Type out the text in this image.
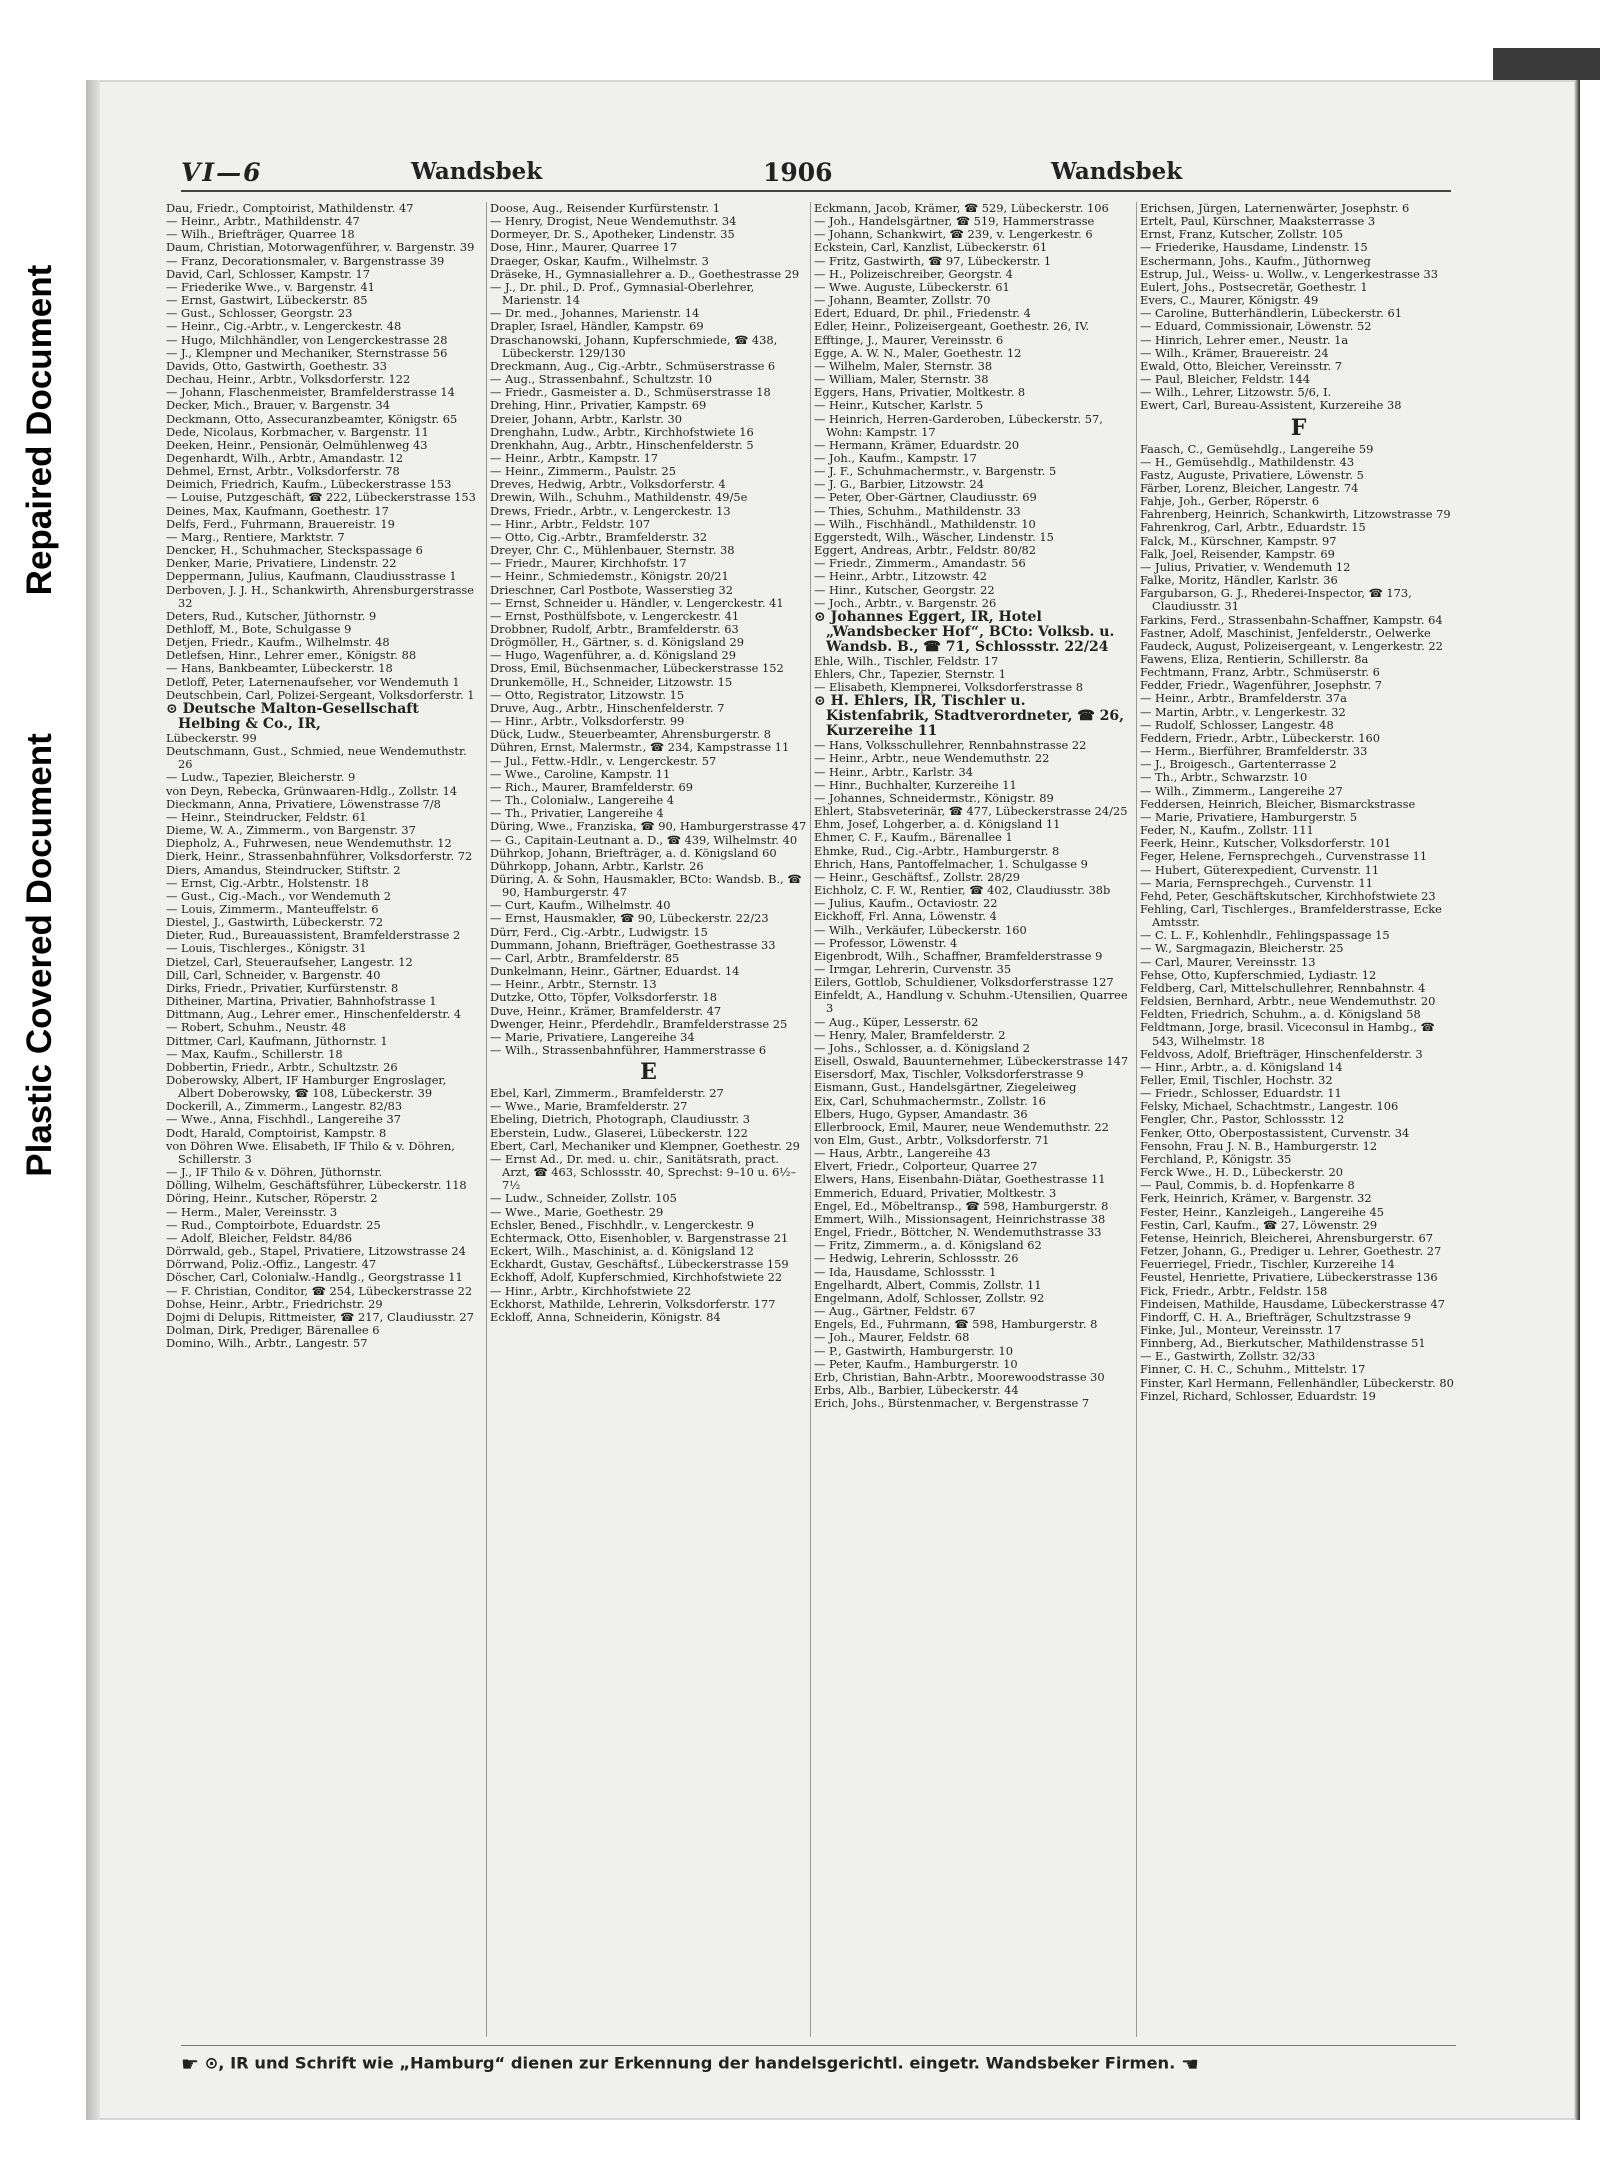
Repaired Document
Plastic Covered Document
VI—6	Wandsbek	1906	Wandsbek
Dau, Friedr., Comptoirist, Mathildenstr. 47
— Heinr., Arbtr., Mathildenstr. 47
— Wilh., Briefträger, Quarree 18
Daum, Christian, Motorwagenführer, v. Bargenstr. 39
— Franz, Decorationsmaler, v. Bargenstrasse 39
David, Carl, Schlosser, Kampstr. 17
— Friederike Wwe., v. Bargenstr. 41
— Ernst, Gastwirt, Lübeckerstr. 85
— Gust., Schlosser, Georgstr. 23
— Heinr., Cig.-Arbtr., v. Lengerckestr. 48
— Hugo, Milchhändler, von Lengerckestrasse 28
— J., Klempner und Mechaniker, Sternstrasse 56
Davids, Otto, Gastwirth, Goethestr. 33
Dechau, Heinr., Arbtr., Volksdorferstr. 122
— Johann, Flaschenmeister, Bramfelderstrasse 14
Decker, Mich., Brauer, v. Bargenstr. 34
Deckmann, Otto, Assecuranzbeamter, Königstr. 65
Dede, Nicolaus, Korbmacher, v. Bargenstr. 11
Deeken, Heinr., Pensionär, Oelmühlenweg 43
Degenhardt, Wilh., Arbtr., Amandastr. 12
Dehmel, Ernst, Arbtr., Volksdorferstr. 78
Deimich, Friedrich, Kaufm., Lübeckerstrasse 153
— Louise, Putzgeschäft, ☎ 222, Lübeckerstrasse 153
Deines, Max, Kaufmann, Goethestr. 17
Delfs, Ferd., Fuhrmann, Brauereistr. 19
— Marg., Rentiere, Marktstr. 7
Dencker, H., Schuhmacher, Steckspassage 6
Denker, Marie, Privatiere, Lindenstr. 22
Deppermann, Julius, Kaufmann, Claudiusstrasse 1
Derboven, J. J. H., Schankwirth, Ahrensburgerstrasse 32
Deters, Rud., Kutscher, Jüthornstr. 9
Dethloff, M., Bote, Schulgasse 9
Detjen, Friedr., Kaufm., Wilhelmstr. 48
Detlefsen, Hinr., Lehrer emer., Königstr. 88
— Hans, Bankbeamter, Lübeckerstr. 18
Detloff, Peter, Laternenaufseher, vor Wendemuth 1
Deutschbein, Carl, Polizei-Sergeant, Volksdorferstr. 1
⊙ Deutsche Malton-Gesellschaft Helbing & Co., IR,
Lübeckerstr. 99
Deutschmann, Gust., Schmied, neue Wendemuthstr. 26
— Ludw., Tapezier, Bleicherstr. 9
von Deyn, Rebecka, Grünwaaren-Hdlg., Zollstr. 14
Dieckmann, Anna, Privatiere, Löwenstrasse 7/8
— Heinr., Steindrucker, Feldstr. 61
Dieme, W. A., Zimmerm., von Bargenstr. 37
Diepholz, A., Fuhrwesen, neue Wendemuthstr. 12
Dierk, Heinr., Strassenbahnführer, Volksdorferstr. 72
Diers, Amandus, Steindrucker, Stiftstr. 2
— Ernst, Cig.-Arbtr., Holstenstr. 18
— Gust., Cig.-Mach., vor Wendemuth 2
— Louis, Zimmerm., Manteuffelstr. 6
Diestel, J., Gastwirth, Lübeckerstr. 72
Dieter, Rud., Bureauassistent, Bramfelderstrasse 2
— Louis, Tischlerges., Königstr. 31
Dietzel, Carl, Steueraufseher, Langestr. 12
Dill, Carl, Schneider, v. Bargenstr. 40
Dirks, Friedr., Privatier, Kurfürstenstr. 8
Ditheiner, Martina, Privatier, Bahnhofstrasse 1
Dittmann, Aug., Lehrer emer., Hinschenfelderstr. 4
— Robert, Schuhm., Neustr. 48
Dittmer, Carl, Kaufmann, Jüthornstr. 1
— Max, Kaufm., Schillerstr. 18
Dobbertin, Friedr., Arbtr., Schultzstr. 26
Doberowsky, Albert, IF Hamburger Engroslager, Albert Doberowsky, ☎ 108, Lübeckerstr. 39
Dockerill, A., Zimmerm., Langestr. 82/83
— Wwe., Anna, Fischhdl., Langereihe 37
Dodt, Harald, Comptoirist, Kampstr. 8
von Döhren Wwe. Elisabeth, IF Thilo & v. Döhren, Schillerstr. 3
— J., IF Thilo & v. Döhren, Jüthornstr.
Dölling, Wilhelm, Geschäftsführer, Lübeckerstr. 118
Döring, Heinr., Kutscher, Röperstr. 2
— Herm., Maler, Vereinsstr. 3
— Rud., Comptoirbote, Eduardstr. 25
— Adolf, Bleicher, Feldstr. 84/86
Dörrwald, geb., Stapel, Privatiere, Litzowstrasse 24
Dörrwand, Poliz.-Offiz., Langestr. 47
Döscher, Carl, Colonialw.-Handlg., Georgstrasse 11
— F. Christian, Conditor, ☎ 254, Lübeckerstrasse 22
Dohse, Heinr., Arbtr., Friedrichstr. 29
Dojmi di Delupis, Rittmeister, ☎ 217, Claudiusstr. 27
Dolman, Dirk, Prediger, Bärenallee 6
Domino, Wilh., Arbtr., Langestr. 57
Doose, Aug., Reisender Kurfürstenstr. 1
— Henry, Drogist, Neue Wendemuthstr. 34
Dormeyer, Dr. S., Apotheker, Lindenstr. 35
Dose, Hinr., Maurer, Quarree 17
Draeger, Oskar, Kaufm., Wilhelmstr. 3
Dräseke, H., Gymnasiallehrer a. D., Goethestrasse 29
— J., Dr. phil., D. Prof., Gymnasial-Oberlehrer, Marienstr. 14
— Dr. med., Johannes, Marienstr. 14
Drapler, Israel, Händler, Kampstr. 69
Draschanowski, Johann, Kupferschmiede, ☎ 438, Lübeckerstr. 129/130
Dreckmann, Aug., Cig.-Arbtr., Schmüserstrasse 6
— Aug., Strassenbahnf., Schultzstr. 10
— Friedr., Gasmeister a. D., Schmüserstrasse 18
Drehing, Hinr., Privatier, Kampstr. 69
Dreier, Johann, Arbtr., Karlstr. 30
Drenghahn, Ludw., Arbtr., Kirchhofstwiete 16
Drenkhahn, Aug., Arbtr., Hinschenfelderstr. 5
— Heinr., Arbtr., Kampstr. 17
— Heinr., Zimmerm., Paulstr. 25
Dreves, Hedwig, Arbtr., Volksdorferstr. 4
Drewin, Wilh., Schuhm., Mathildenstr. 49/5e
Drews, Friedr., Arbtr., v. Lengerckestr. 13
— Hinr., Arbtr., Feldstr. 107
— Otto, Cig.-Arbtr., Bramfelderstr. 32
Dreyer, Chr. C., Mühlenbauer, Sternstr. 38
— Friedr., Maurer, Kirchhofstr. 17
— Heinr., Schmiedemstr., Königstr. 20/21
Drieschner, Carl Postbote, Wasserstieg 32
— Ernst, Schneider u. Händler, v. Lengerckestr. 41
— Ernst, Posthülfsbote, v. Lengerckestr. 41
Drobbner, Rudolf, Arbtr., Bramfelderstr. 63
Drögmöller, H., Gärtner, s. d. Königsland 29
— Hugo, Wagenführer, a. d. Königsland 29
Dross, Emil, Büchsenmacher, Lübeckerstrasse 152
Drunkemölle, H., Schneider, Litzowstr. 15
— Otto, Registrator, Litzowstr. 15
Druve, Aug., Arbtr., Hinschenfelderstr. 7
— Hinr., Arbtr., Volksdorferstr. 99
Dück, Ludw., Steuerbeamter, Ahrensburgerstr. 8
Dühren, Ernst, Malermstr., ☎ 234, Kampstrasse 11
— Jul., Fettw.-Hdlr., v. Lengerckestr. 57
— Wwe., Caroline, Kampstr. 11
— Rich., Maurer, Bramfelderstr. 69
— Th., Colonialw., Langereihe 4
— Th., Privatier, Langereihe 4
Düring, Wwe., Franziska, ☎ 90, Hamburgerstrasse 47
— G., Capitain-Leutnant a. D., ☎ 439, Wilhelmstr. 40
Dührkop, Johann, Briefträger, a. d. Königsland 60
Dührkopp, Johann, Arbtr., Karlstr. 26
Düring, A. & Sohn, Hausmakler, BCto: Wandsb. B., ☎ 90, Hamburgerstr. 47
— Curt, Kaufm., Wilhelmstr. 40
— Ernst, Hausmakler, ☎ 90, Lübeckerstr. 22/23
Dürr, Ferd., Cig.-Arbtr., Ludwigstr. 15
Dummann, Johann, Briefträger, Goethestrasse 33
— Carl, Arbtr., Bramfelderstr. 85
Dunkelmann, Heinr., Gärtner, Eduardst. 14
— Heinr., Arbtr., Sternstr. 13
Dutzke, Otto, Töpfer, Volksdorferstr. 18
Duve, Heinr., Krämer, Bramfelderstr. 47
Dwenger, Heinr., Pferdehdlr., Bramfelderstrasse 25
— Marie, Privatiere, Langereihe 34
— Wilh., Strassenbahnführer, Hammerstrasse 6
E
Ebel, Karl, Zimmerm., Bramfelderstr. 27
— Wwe., Marie, Bramfelderstr. 27
Ebeling, Dietrich, Photograph, Claudiusstr. 3
Eberstein, Ludw., Glaserei, Lübeckerstr. 122
Ebert, Carl, Mechaniker und Klempner, Goethestr. 29
— Ernst Ad., Dr. med. u. chir., Sanitätsrath, pract. Arzt, ☎ 463, Schlossstr. 40, Sprechst: 9–10 u. 6½–7½
— Ludw., Schneider, Zollstr. 105
— Wwe., Marie, Goethestr. 29
Echsler, Bened., Fischhdlr., v. Lengerckestr. 9
Echtermack, Otto, Eisenhobler, v. Bargenstrasse 21
Eckert, Wilh., Maschinist, a. d. Königsland 12
Eckhardt, Gustav, Geschäftsf., Lübeckerstrasse 159
Eckhoff, Adolf, Kupferschmied, Kirchhofstwiete 22
— Hinr., Arbtr., Kirchhofstwiete 22
Eckhorst, Mathilde, Lehrerin, Volksdorferstr. 177
Eckloff, Anna, Schneiderin, Königstr. 84
Eckmann, Jacob, Krämer, ☎ 529, Lübeckerstr. 106
— Joh., Handelsgärtner, ☎ 519, Hammerstrasse
— Johann, Schankwirt, ☎ 239, v. Lengerkestr. 6
Eckstein, Carl, Kanzlist, Lübeckerstr. 61
— Fritz, Gastwirth, ☎ 97, Lübeckerstr. 1
— H., Polizeischreiber, Georgstr. 4
— Wwe. Auguste, Lübeckerstr. 61
— Johann, Beamter, Zollstr. 70
Edert, Eduard, Dr. phil., Friedenstr. 4
Edler, Heinr., Polizeisergeant, Goethestr. 26, IV.
Efftinge, J., Maurer, Vereinsstr. 6
Egge, A. W. N., Maler, Goethestr. 12
— Wilhelm, Maler, Sternstr. 38
— William, Maler, Sternstr. 38
Eggers, Hans, Privatier, Moltkestr. 8
— Heinr., Kutscher, Karlstr. 5
— Heinrich, Herren-Garderoben, Lübeckerstr. 57, Wohn: Kampstr. 17
— Hermann, Krämer, Eduardstr. 20
— Joh., Kaufm., Kampstr. 17
— J. F., Schuhmachermstr., v. Bargenstr. 5
— J. G., Barbier, Litzowstr. 24
— Peter, Ober-Gärtner, Claudiusstr. 69
— Thies, Schuhm., Mathildenstr. 33
— Wilh., Fischhändl., Mathildenstr. 10
Eggerstedt, Wilh., Wäscher, Lindenstr. 15
Eggert, Andreas, Arbtr., Feldstr. 80/82
— Friedr., Zimmerm., Amandastr. 56
— Heinr., Arbtr., Litzowstr. 42
— Hinr., Kutscher, Georgstr. 22
— Joch., Arbtr., v. Bargenstr. 26
⊙ Johannes Eggert, IR, Hotel „Wandsbecker Hof“, BCto: Volksb. u. Wandsb. B., ☎ 71, Schlossstr. 22/24
Ehle, Wilh., Tischler, Feldstr. 17
Ehlers, Chr., Tapezier, Sternstr. 1
— Elisabeth, Klempnerei, Volksdorferstrasse 8
⊙ H. Ehlers, IR, Tischler u. Kistenfabrik, Stadtverordneter, ☎ 26, Kurzereihe 11
— Hans, Volksschullehrer, Rennbahnstrasse 22
— Heinr., Arbtr., neue Wendemuthstr. 22
— Heinr., Arbtr., Karlstr. 34
— Hinr., Buchhalter, Kurzereihe 11
— Johannes, Schneidermstr., Königstr. 89
Ehlert, Stabsveterinär, ☎ 477, Lübeckerstrasse 24/25
Ehm, Josef, Lohgerber, a. d. Königsland 11
Ehmer, C. F., Kaufm., Bärenallee 1
Ehmke, Rud., Cig.-Arbtr., Hamburgerstr. 8
Ehrich, Hans, Pantoffelmacher, 1. Schulgasse 9
— Heinr., Geschäftsf., Zollstr. 28/29
Eichholz, C. F. W., Rentier, ☎ 402, Claudiusstr. 38b
— Julius, Kaufm., Octaviostr. 22
Eickhoff, Frl. Anna, Löwenstr. 4
— Wilh., Verkäufer, Lübeckerstr. 160
— Professor, Löwenstr. 4
Eigenbrodt, Wilh., Schaffner, Bramfelderstrasse 9
— Irmgar, Lehrerin, Curvenstr. 35
Eilers, Gottlob, Schuldiener, Volksdorferstrasse 127
Einfeldt, A., Handlung v. Schuhm.-Utensilien, Quarree 3
— Aug., Küper, Lesserstr. 62
— Henry, Maler, Bramfelderstr. 2
— Johs., Schlosser, a. d. Königsland 2
Eisell, Oswald, Bauunternehmer, Lübeckerstrasse 147
Eisersdorf, Max, Tischler, Volksdorferstrasse 9
Eismann, Gust., Handelsgärtner, Ziegeleiweg
Eix, Carl, Schuhmachermstr., Zollstr. 16
Elbers, Hugo, Gypser, Amandastr. 36
Ellerbroock, Emil, Maurer, neue Wendemuthstr. 22
von Elm, Gust., Arbtr., Volksdorferstr. 71
— Haus, Arbtr., Langereihe 43
Elvert, Friedr., Colporteur, Quarree 27
Elwers, Hans, Eisenbahn-Diätar, Goethestrasse 11
Emmerich, Eduard, Privatier, Moltkestr. 3
Engel, Ed., Möbeltransp., ☎ 598, Hamburgerstr. 8
Emmert, Wilh., Missionsagent, Heinrichstrasse 38
Engel, Friedr., Böttcher, N. Wendemuthstrasse 33
— Fritz, Zimmerm., a. d. Königsland 62
— Hedwig, Lehrerin, Schlossstr. 26
— Ida, Hausdame, Schlossstr. 1
Engelhardt, Albert, Commis, Zollstr. 11
Engelmann, Adolf, Schlosser, Zollstr. 92
— Aug., Gärtner, Feldstr. 67
Engels, Ed., Fuhrmann, ☎ 598, Hamburgerstr. 8
— Joh., Maurer, Feldstr. 68
— P., Gastwirth, Hamburgerstr. 10
— Peter, Kaufm., Hamburgerstr. 10
Erb, Christian, Bahn-Arbtr., Moorewoodstrasse 30
Erbs, Alb., Barbier, Lübeckerstr. 44
Erich, Johs., Bürstenmacher, v. Bergenstrasse 7
Erichsen, Jürgen, Laternenwärter, Josephstr. 6
Ertelt, Paul, Kürschner, Maaksterrasse 3
Ernst, Franz, Kutscher, Zollstr. 105
— Friederike, Hausdame, Lindenstr. 15
Eschermann, Johs., Kaufm., Jüthornweg
Estrup, Jul., Weiss- u. Wollw., v. Lengerkestrasse 33
Eulert, Johs., Postsecretär, Goethestr. 1
Evers, C., Maurer, Königstr. 49
— Caroline, Butterhändlerin, Lübeckerstr. 61
— Eduard, Commissionair, Löwenstr. 52
— Hinrich, Lehrer emer., Neustr. 1a
— Wilh., Krämer, Brauereistr. 24
Ewald, Otto, Bleicher, Vereinsstr. 7
— Paul, Bleicher, Feldstr. 144
— Wilh., Lehrer, Litzowstr. 5/6, I.
Ewert, Carl, Bureau-Assistent, Kurzereihe 38
F
Faasch, C., Gemüsehdlg., Langereihe 59
— H., Gemüsehdlg., Mathildenstr. 43
Fastz, Auguste, Privatiere, Löwenstr. 5
Färber, Lorenz, Bleicher, Langestr. 74
Fahje, Joh., Gerber, Röperstr. 6
Fahrenberg, Heinrich, Schankwirth, Litzowstrasse 79
Fahrenkrog, Carl, Arbtr., Eduardstr. 15
Falck, M., Kürschner, Kampstr. 97
Falk, Joel, Reisender, Kampstr. 69
— Julius, Privatier, v. Wendemuth 12
Falke, Moritz, Händler, Karlstr. 36
Fargubarson, G. J., Rhederei-Inspector, ☎ 173, Claudiusstr. 31
Farkins, Ferd., Strassenbahn-Schaffner, Kampstr. 64
Fastner, Adolf, Maschinist, Jenfelderstr., Oelwerke
Faudeck, August, Polizeisergeant, v. Lengerkestr. 22
Fawens, Eliza, Rentierin, Schillerstr. 8a
Fechtmann, Franz, Arbtr., Schmüserstr. 6
Fedder, Friedr., Wagenführer, Josephstr. 7
— Heinr., Arbtr., Bramfelderstr. 37a
— Martin, Arbtr., v. Lengerkestr. 32
— Rudolf, Schlosser, Langestr. 48
Feddern, Friedr., Arbtr., Lübeckerstr. 160
— Herm., Bierführer, Bramfelderstr. 33
— J., Broigesch., Gartenterrasse 2
— Th., Arbtr., Schwarzstr. 10
— Wilh., Zimmerm., Langereihe 27
Feddersen, Heinrich, Bleicher, Bismarckstrasse
— Marie, Privatiere, Hamburgerstr. 5
Feder, N., Kaufm., Zollstr. 111
Feerk, Heinr., Kutscher, Volksdorferstr. 101
Feger, Helene, Fernsprechgeh., Curvenstrasse 11
— Hubert, Güterexpedient, Curvenstr. 11
— Maria, Fernsprechgeh., Curvenstr. 11
Fehd, Peter, Geschäftskutscher, Kirchhofstwiete 23
Fehling, Carl, Tischlerges., Bramfelderstrasse, Ecke Amtsstr.
— C. L. F., Kohlenhdlr., Fehlingspassage 15
— W., Sargmagazin, Bleicherstr. 25
— Carl, Maurer, Vereinsstr. 13
Fehse, Otto, Kupferschmied, Lydiastr. 12
Feldberg, Carl, Mittelschullehrer, Rennbahnstr. 4
Feldsien, Bernhard, Arbtr., neue Wendemuthstr. 20
Feldten, Friedrich, Schuhm., a. d. Königsland 58
Feldtmann, Jorge, brasil. Viceconsul in Hambg., ☎ 543, Wilhelmstr. 18
Feldvoss, Adolf, Briefträger, Hinschenfelderstr. 3
— Hinr., Arbtr., a. d. Königsland 14
Feller, Emil, Tischler, Hochstr. 32
— Friedr., Schlosser, Eduardstr. 11
Felsky, Michael, Schachtmstr., Langestr. 106
Fengler, Chr., Pastor, Schlossstr. 12
Fenker, Otto, Oberpostassistent, Curvenstr. 34
Fensohn, Frau J. N. B., Hamburgerstr. 12
Ferchland, P., Königstr. 35
Ferck Wwe., H. D., Lübeckerstr. 20
— Paul, Commis, b. d. Hopfenkarre 8
Ferk, Heinrich, Krämer, v. Bargenstr. 32
Fester, Heinr., Kanzleigeh., Langereihe 45
Festin, Carl, Kaufm., ☎ 27, Löwenstr. 29
Fetense, Heinrich, Bleicherei, Ahrensburgerstr. 67
Fetzer, Johann, G., Prediger u. Lehrer, Goethestr. 27
Feuerriegel, Friedr., Tischler, Kurzereihe 14
Feustel, Henriette, Privatiere, Lübeckerstrasse 136
Fick, Friedr., Arbtr., Feldstr. 158
Findeisen, Mathilde, Hausdame, Lübeckerstrasse 47
Findorff, C. H. A., Briefträger, Schultzstrasse 9
Finke, Jul., Monteur, Vereinsstr. 17
Finnberg, Ad., Bierkutscher, Mathildenstrasse 51
— E., Gastwirth, Zollstr. 32/33
Finner, C. H. C., Schuhm., Mittelstr. 17
Finster, Karl Hermann, Fellenhändler, Lübeckerstr. 80
Finzel, Richard, Schlosser, Eduardstr. 19
☛ ⊙, IR und Schrift wie „Hamburg“ dienen zur Erkennung der handelsgerichtl. eingetr. Wandsbeker Firmen. ☚
